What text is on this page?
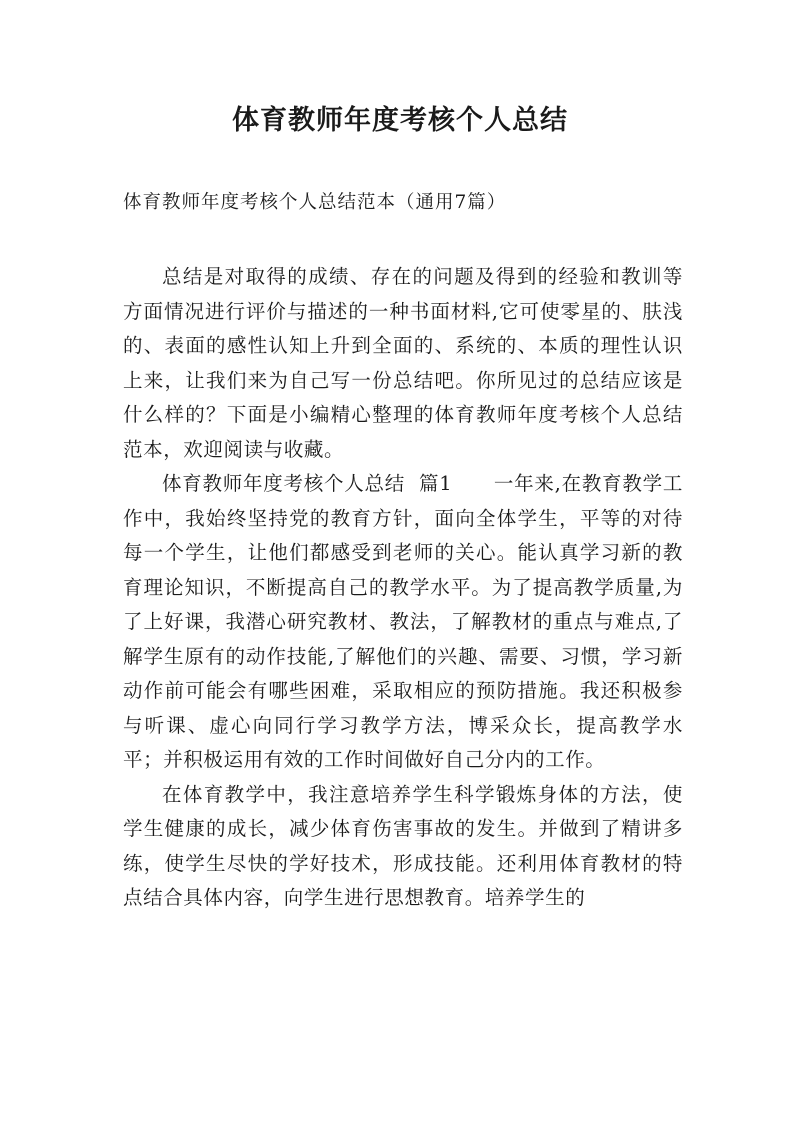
体育教师年度考核个人总结

体育教师年度考核个人总结范本（通用7篇）

总结是对取得的成绩、存在的问题及得到的经验和教训等方面情况进行评价与描述的一种书面材料,它可使零星的、肤浅的、表面的感性认知上升到全面的、系统的、本质的理性认识上来，让我们来为自己写一份总结吧。你所见过的总结应该是什么样的？下面是小编精心整理的体育教师年度考核个人总结范本，欢迎阅读与收藏。

体育教师年度考核个人总结  篇1 一年来,在教育教学工作中，我始终坚持党的教育方针，面向全体学生，平等的对待每一个学生，让他们都感受到老师的关心。能认真学习新的教育理论知识，不断提高自己的教学水平。为了提高教学质量,为了上好课，我潜心研究教材、教法，了解教材的重点与难点,了解学生原有的动作技能,了解他们的兴趣、需要、习惯，学习新动作前可能会有哪些困难，采取相应的预防措施。我还积极参与听课、虚心向同行学习教学方法，博采众长，提高教学水平；并积极运用有效的工作时间做好自己分内的工作。

在体育教学中，我注意培养学生科学锻炼身体的方法，使学生健康的成长，减少体育伤害事故的发生。并做到了精讲多练，使学生尽快的学好技术，形成技能。还利用体育教材的特点结合具体内容，向学生进行思想教育。培养学生的
